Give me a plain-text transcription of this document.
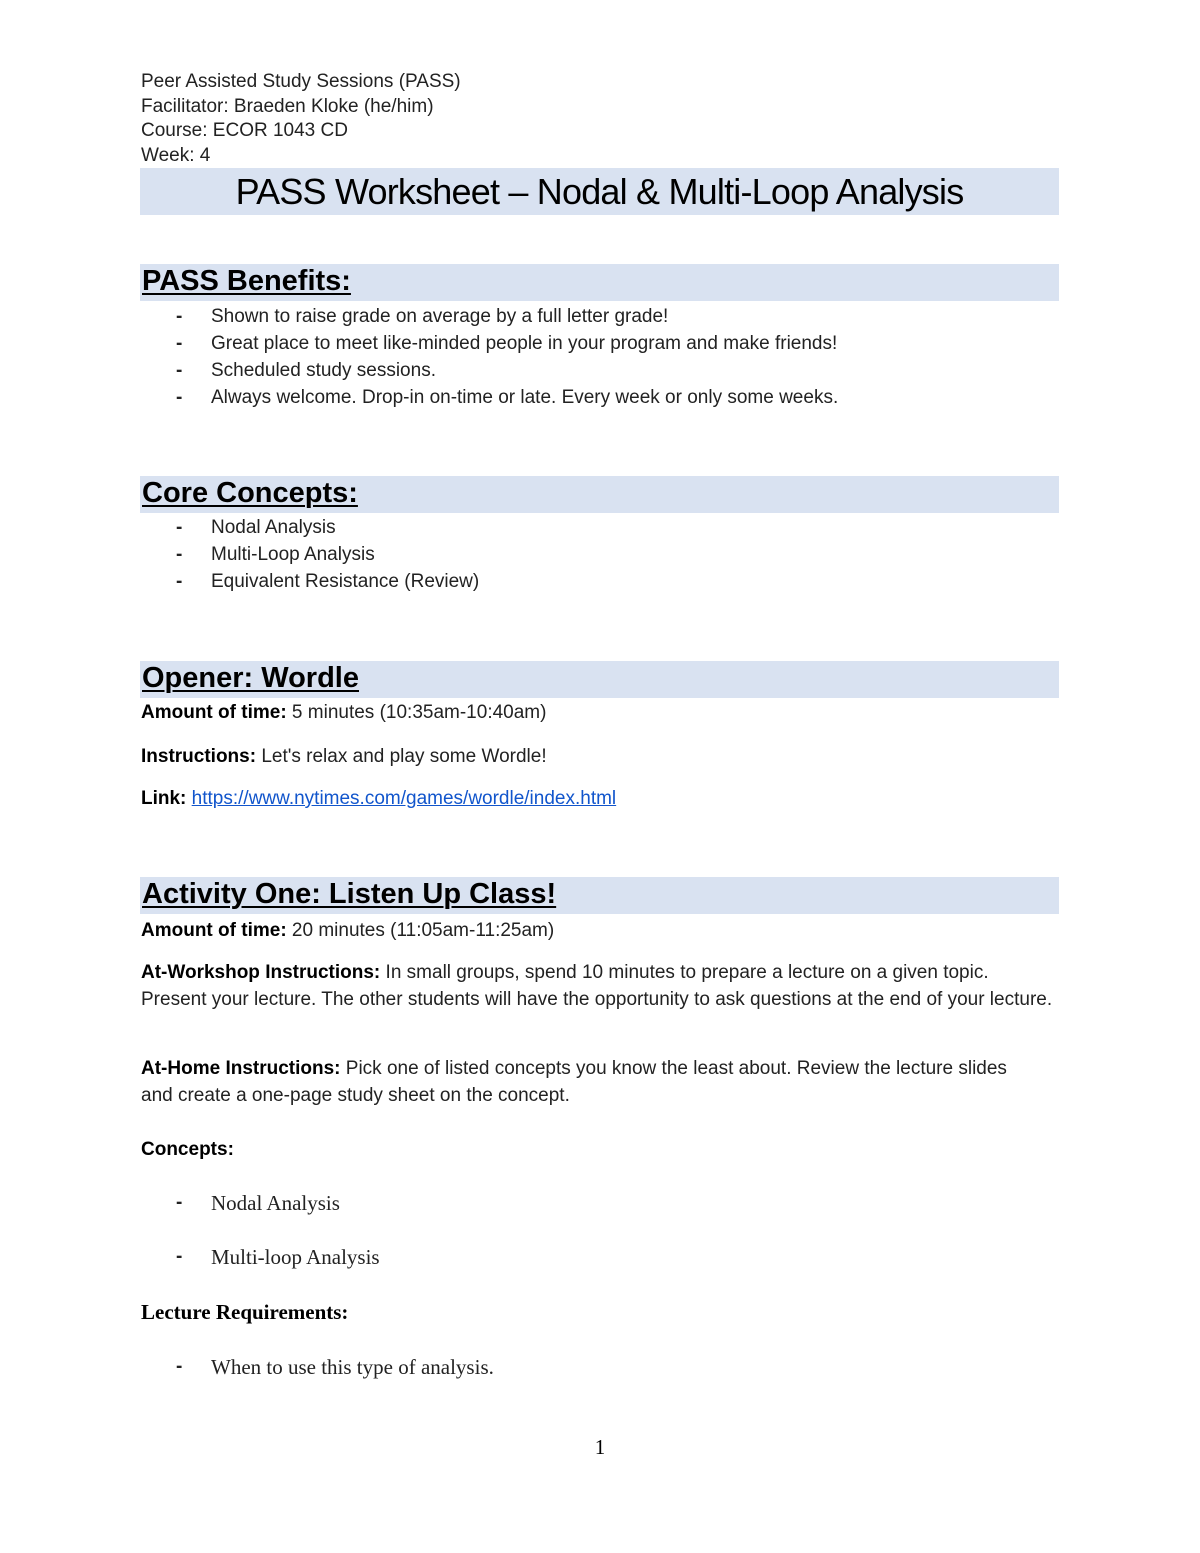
Peer Assisted Study Sessions (PASS)
Facilitator: Braeden Kloke (he/him)
Course: ECOR 1043 CD
Week: 4
PASS Worksheet – Nodal & Multi-Loop Analysis
PASS Benefits:
- Shown to raise grade on average by a full letter grade!
- Great place to meet like-minded people in your program and make friends!
- Scheduled study sessions.
- Always welcome. Drop-in on-time or late. Every week or only some weeks.
Core Concepts:
- Nodal Analysis
- Multi-Loop Analysis
- Equivalent Resistance (Review)
Opener: Wordle
Amount of time: 5 minutes (10:35am-10:40am)
Instructions: Let's relax and play some Wordle!
Link: https://www.nytimes.com/games/wordle/index.html
Activity One: Listen Up Class!
Amount of time: 20 minutes (11:05am-11:25am)
At-Workshop Instructions: In small groups, spend 10 minutes to prepare a lecture on a given topic. Present your lecture. The other students will have the opportunity to ask questions at the end of your lecture.
At-Home Instructions: Pick one of listed concepts you know the least about. Review the lecture slides and create a one-page study sheet on the concept.
Concepts:
- Nodal Analysis
- Multi-loop Analysis
Lecture Requirements:
- When to use this type of analysis.
1
